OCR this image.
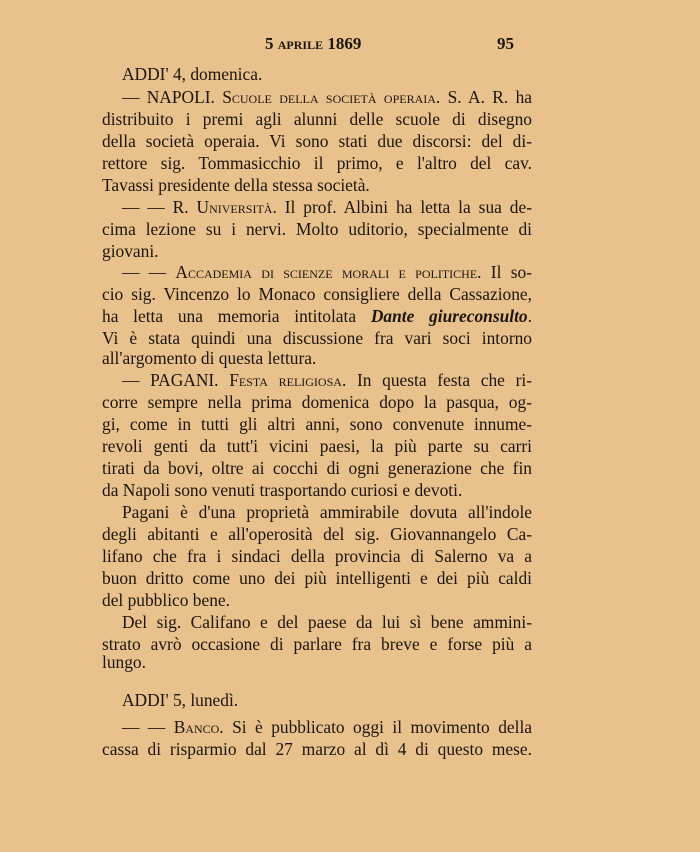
5 aprile 1869	95
ADDI' 4, domenica.
— NAPOLI. Scuole della società operaia. S. A. R. ha
distribuito i premi agli alunni delle scuole di disegno
della società operaia. Vi sono stati due discorsi: del di-
rettore sig. Tommasicchio il primo, e l'altro del cav.
Tavassi presidente della stessa società.
— — R. Università. Il prof. Albini ha letta la sua de-
cima lezione su i nervi. Molto uditorio, specialmente di
giovani.
— — Accademia di scienze morali e politiche. Il so-
cio sig. Vincenzo lo Monaco consigliere della Cassazione,
ha letta una memoria intitolata Dante giureconsulto.
Vi è stata quindi una discussione fra vari soci intorno
all'argomento di questa lettura.
— PAGANI. Festa religiosa. In questa festa che ri-
corre sempre nella prima domenica dopo la pasqua, og-
gi, come in tutti gli altri anni, sono convenute innume-
revoli genti da tutt'i vicini paesi, la più parte su carri
tirati da bovi, oltre ai cocchi di ogni generazione che fin
da Napoli sono venuti trasportando curiosi e devoti.
Pagani è d'una proprietà ammirabile dovuta all'indole
degli abitanti e all'operosità del sig. Giovannangelo Ca-
lifano che fra i sindaci della provincia di Salerno va a
buon dritto come uno dei più intelligenti e dei più caldi
del pubblico bene.
Del sig. Califano e del paese da lui sì bene ammini-
strato avrò occasione di parlare fra breve e forse più a
lungo.
ADDI' 5, lunedì.
— — Banco. Si è pubblicato oggi il movimento della
cassa di risparmio dal 27 marzo al dì 4 di questo mese.
